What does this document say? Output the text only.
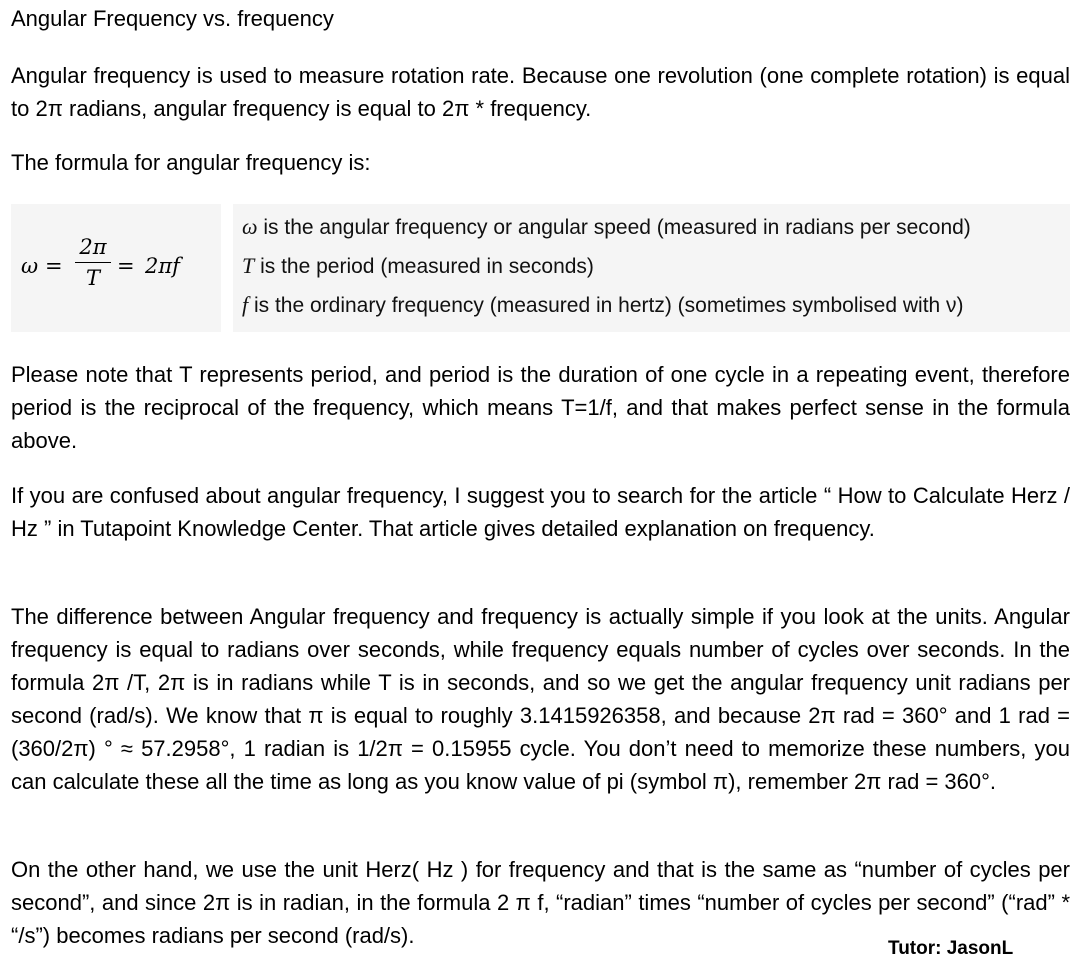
Angular Frequency vs. frequency

Angular frequency is used to measure rotation rate. Because one revolution (one complete rotation) is equal to 2π radians, angular frequency is equal to 2π * frequency.

The formula for angular frequency is:

ω =
2π
T = 2πf
ω is the angular frequency or angular speed (measured in radians per second)
T is the period (measured in seconds)
f is the ordinary frequency (measured in hertz) (sometimes symbolised with ν)

Please note that T represents period, and period is the duration of one cycle in a repeating event, therefore period is the reciprocal of the frequency, which means T=1/f, and that makes perfect sense in the formula above.

If you are confused about angular frequency, I suggest you to search for the article “ How to Calculate Herz / Hz ” in Tutapoint Knowledge Center. That article gives detailed explanation on frequency.

The difference between Angular frequency and frequency is actually simple if you look at the units. Angular frequency is equal to radians over seconds, while frequency equals number of cycles over seconds. In the formula 2π /T, 2π is in radians while T is in seconds, and so we get the angular frequency unit radians per second (rad/s). We know that π is equal to roughly 3.1415926358, and because 2π rad = 360° and 1 rad = (360/2π) ° ≈ 57.2958°, 1 radian is 1/2π = 0.15955 cycle. You don’t need to memorize these numbers, you can calculate these all the time as long as you know value of pi (symbol π), remember 2π rad = 360°.

On the other hand, we use the unit Herz( Hz ) for frequency and that is the same as “number of cycles per second”, and since 2π is in radian, in the formula 2 π f, “radian” times “number of cycles per second” (“rad” * “/s”) becomes radians per second (rad/s).

Tutor: JasonL
